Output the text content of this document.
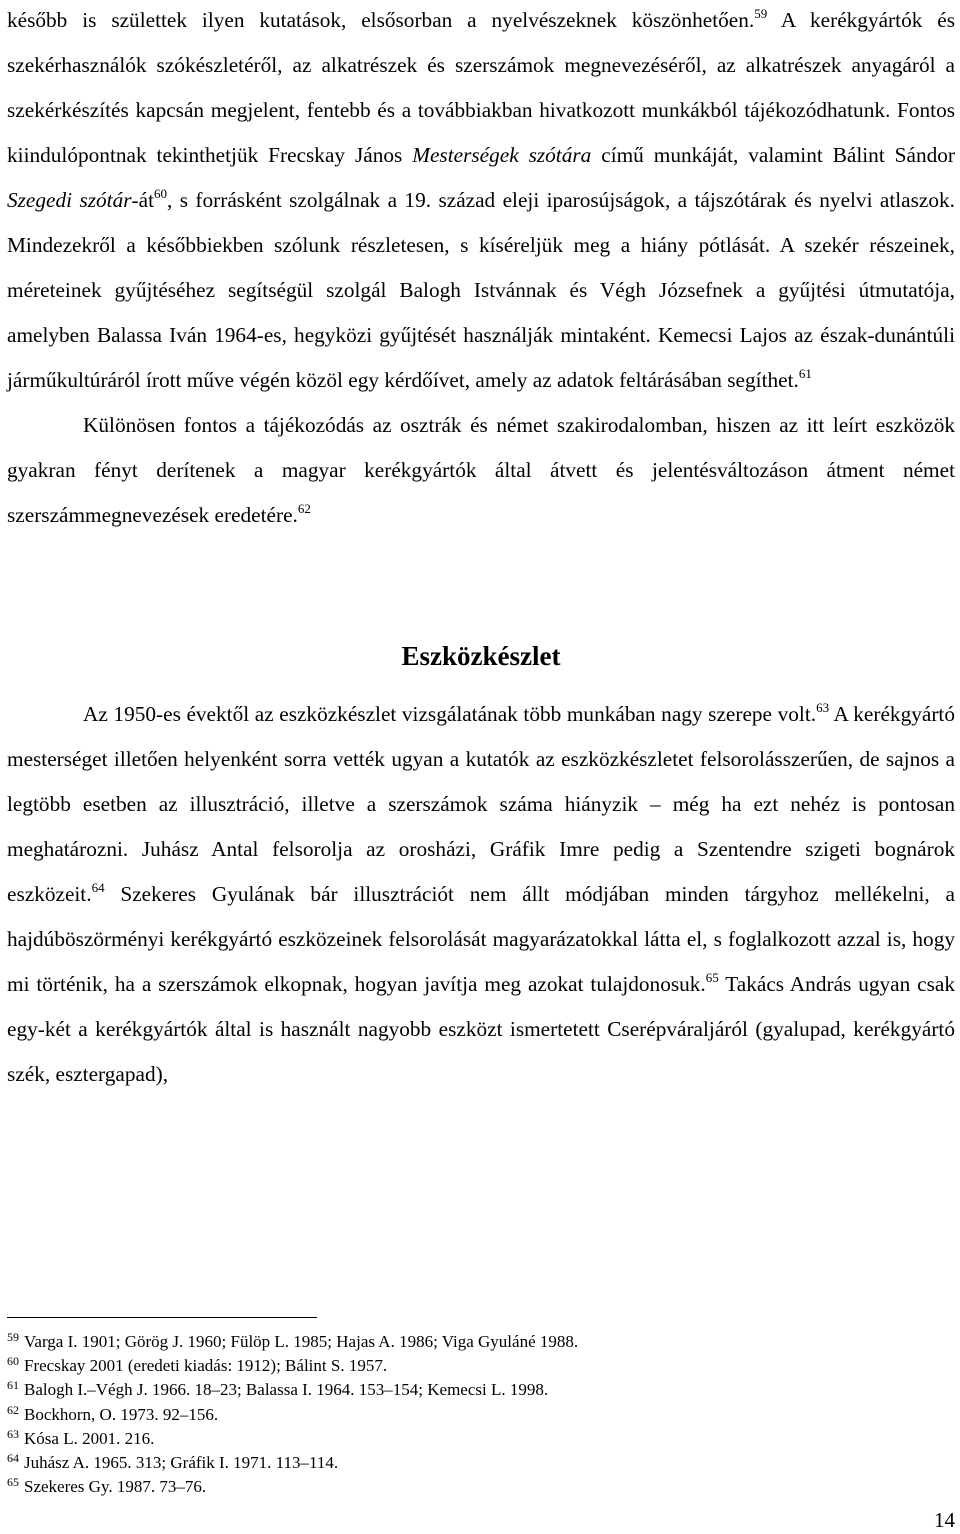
később is születtek ilyen kutatások, elsősorban a nyelvészeknek köszönhetően.$^{59}$ A kerékgyártók és szekérhasználók szókészletéről, az alkatrészek és szerszámok megnevezéséről, az alkatrészek anyagáról a szekérkészítés kapcsán megjelent, fentebb és a továbbiakban hivatkozott munkákból tájékozódhatunk. Fontos kiindulópontnak tekinthetjük Frecskay János Mesterségek szótára című munkáját, valamint Bálint Sándor Szegedi szótár-$át^{60}$, s forrásként szolgálnak a 19. század eleji iparosújságok, a tájszótárak és nyelvi atlaszok. Mindezekről a későbbiekben szólunk részletesen, s kíséreljük meg a hiány pótlását. A szekér részeinek, méreteinek gyűjtéséhez segítségül szolgál Balogh Istvánnak és Végh Józsefnek a gyűjtési útmutatója, amelyben Balassa Iván 1964-es, hegyközi gyűjtését használják mintaként. Kemecsi Lajos az észak-dunántúli járműkultúráról írott műve végén közöl egy kérdőívet, amely az adatok feltárásában segíthet.$^{61}$

Különösen fontos a tájékozódás az osztrák és német szakirodalomban, hiszen az itt leírt eszközök gyakran fényt derítenek a magyar kerékgyártók által átvett és jelentésváltozáson átment német szerszámmegnevezések eredetére.$^{62}$

Eszközkészlet

Az 1950-es évektől az eszközkészlet vizsgálatának több munkában nagy szerepe volt.$^{63}$ A kerékgyártó mesterséget illetően helyenként sorra vették ugyan a kutatók az eszközkészletet felsorolásszerűen, de sajnos a legtöbb esetben az illusztráció, illetve a szerszámok száma hiányzik – még ha ezt nehéz is pontosan meghatározni. Juhász Antal felsorolja az orosházi, Gráfik Imre pedig a Szentendre szigeti bognárok eszközeit.$^{64}$ Szekeres Gyulának bár illusztrációt nem állt módjában minden tárgyhoz mellékelni, a hajdúböszörményi kerékgyártó eszközeinek felsorolását magyarázatokkal látta el, s foglalkozott azzal is, hogy mi történik, ha a szerszámok elkopnak, hogyan javítja meg azokat tulajdonosuk.$^{65}$ Takács András ugyan csak egy-két a kerékgyártók által is használt nagyobb eszközt ismertetett Cserépváraljáról (gyalupad, kerékgyártó szék, esztergapad),

$^{59}$ Varga I. 1901; Görög J. 1960; Fülöp L. 1985; Hajas A. 1986; Viga Gyuláné 1988.
$^{60}$ Frecskay 2001 (eredeti kiadás: 1912); Bálint S. 1957.
$^{61}$ Balogh I.–Végh J. 1966. 18–23; Balassa I. 1964. 153–154; Kemecsi L. 1998.
$^{62}$ Bockhorn, O. 1973. 92–156.
$^{63}$ Kósa L. 2001. 216.
$^{64}$ Juhász A. 1965. 313; Gráfik I. 1971. 113–114.
$^{65}$ Szekeres Gy. 1987. 73–76.
14
